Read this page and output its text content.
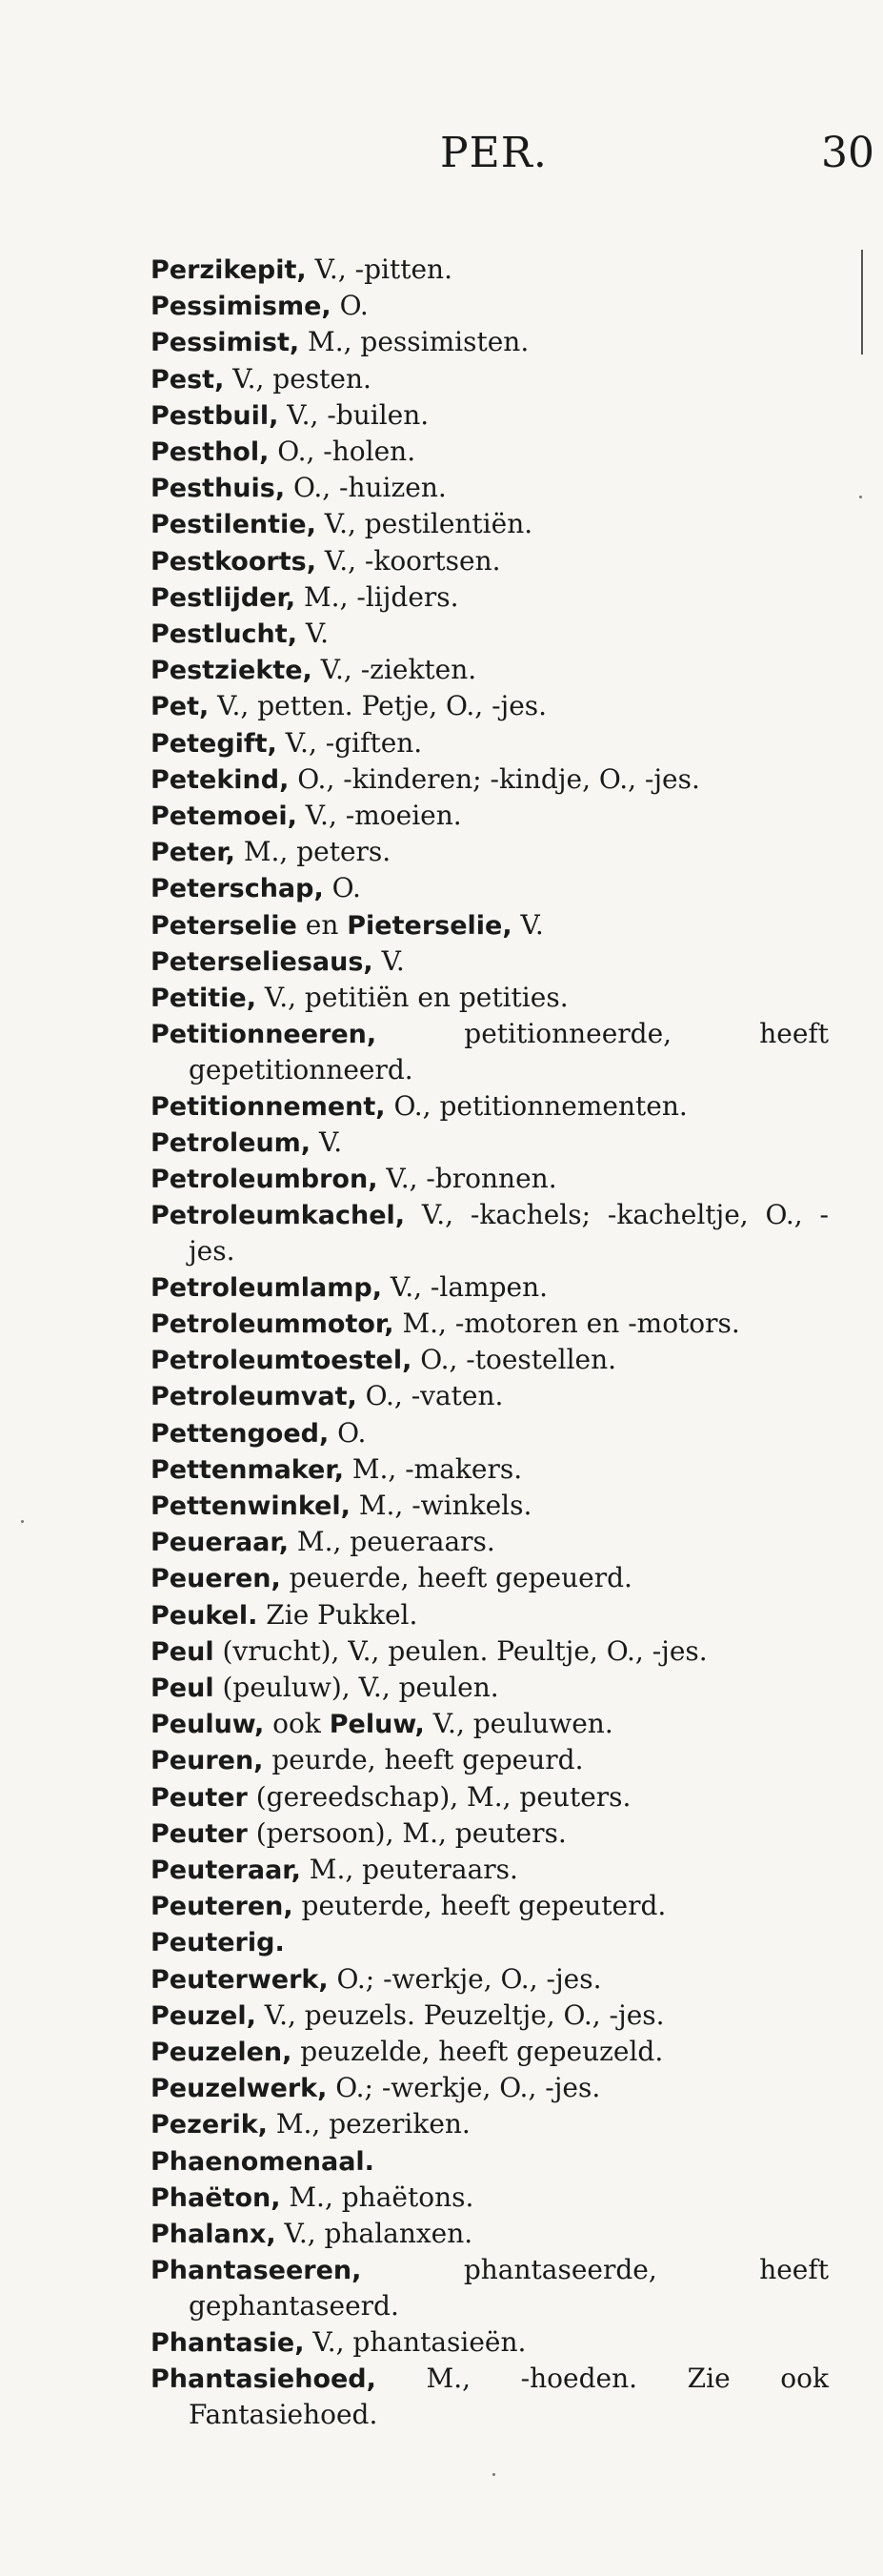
PER.	30
Perzikepit, V., -pitten.
Pessimisme, O.
Pessimist, M., pessimisten.
Pest, V., pesten.
Pestbuil, V., -builen.
Pesthol, O., -holen.
Pesthuis, O., -huizen.
Pestilentie, V., pestilentiën.
Pestkoorts, V., -koortsen.
Pestlijder, M., -lijders.
Pestlucht, V.
Pestziekte, V., -ziekten.
Pet, V., petten. Petje, O., -jes.
Petegift, V., -giften.
Petekind, O., -kinderen; -kindje, O., -jes.
Petemoei, V., -moeien.
Peter, M., peters.
Peterschap, O.
Peterselie en Pieterselie, V.
Peterseliesaus, V.
Petitie, V., petitiën en petities.
Petitionneeren, petitionneerde, heeft gepetitionneerd.
Petitionnement, O., petitionnementen.
Petroleum, V.
Petroleumbron, V., -bronnen.
Petroleumkachel, V., -kachels; -kacheltje, O., -jes.
Petroleumlamp, V., -lampen.
Petroleummotor, M., -motoren en -motors.
Petroleumtoestel, O., -toestellen.
Petroleumvat, O., -vaten.
Pettengoed, O.
Pettenmaker, M., -makers.
Pettenwinkel, M., -winkels.
Peueraar, M., peueraars.
Peueren, peuerde, heeft gepeuerd.
Peukel. Zie Pukkel.
Peul (vrucht), V., peulen. Peultje, O., -jes.
Peul (peuluw), V., peulen.
Peuluw, ook Peluw, V., peuluwen.
Peuren, peurde, heeft gepeurd.
Peuter (gereedschap), M., peuters.
Peuter (persoon), M., peuters.
Peuteraar, M., peuteraars.
Peuteren, peuterde, heeft gepeuterd.
Peuterig.
Peuterwerk, O.; -werkje, O., -jes.
Peuzel, V., peuzels. Peuzeltje, O., -jes.
Peuzelen, peuzelde, heeft gepeuzeld.
Peuzelwerk, O.; -werkje, O., -jes.
Pezerik, M., pezeriken.
Phaenomenaal.
Phaëton, M., phaëtons.
Phalanx, V., phalanxen.
Phantaseeren, phantaseerde, heeft gephantaseerd.
Phantasie, V., phantasieën.
Phantasiehoed, M., -hoeden. Zie ook Fantasiehoed.
